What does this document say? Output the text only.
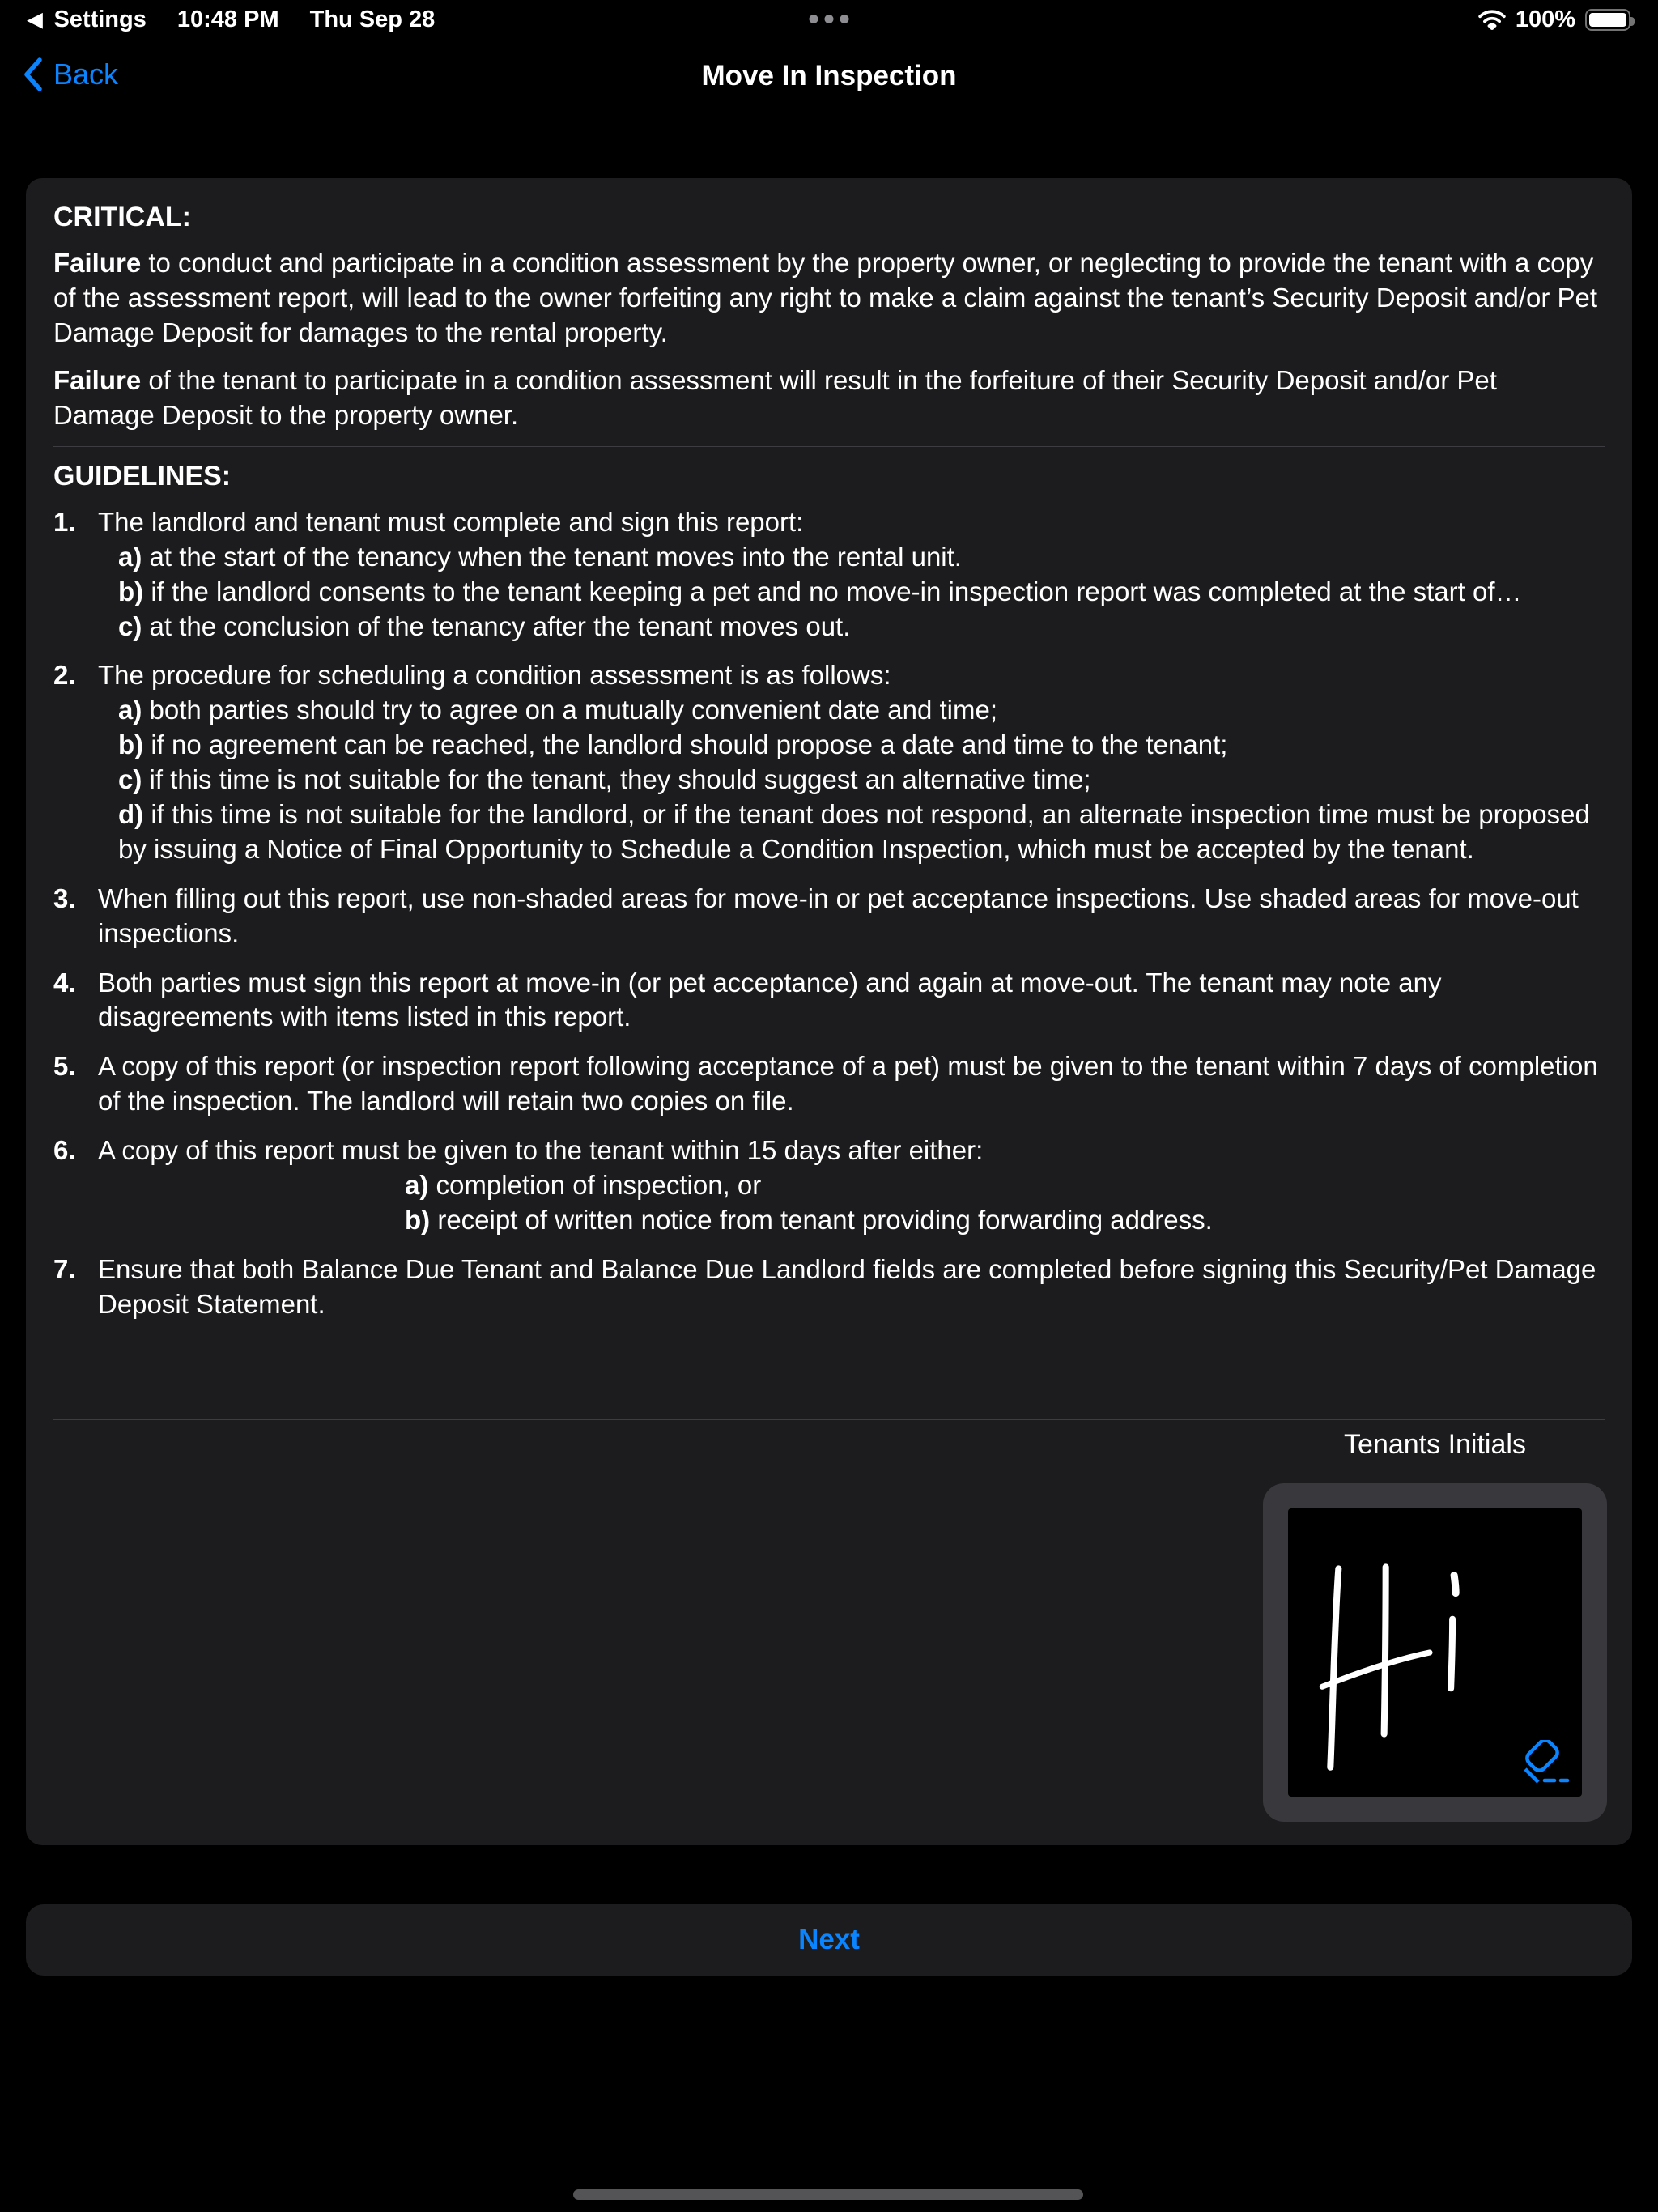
◀ Settings 10:48 PM Thu Sep 28	100%
Back	Move In Inspection
CRITICAL:

Failure to conduct and participate in a condition assessment by the property owner, or neglecting to provide the tenant with a copy of the assessment report, will lead to the owner forfeiting any right to make a claim against the tenant’s Security Deposit and/or Pet Damage Deposit for damages to the rental property.

Failure of the tenant to participate in a condition assessment will result in the forfeiture of their Security Deposit and/or Pet Damage Deposit to the property owner.

GUIDELINES:
1. The landlord and tenant must complete and sign this report:
a) at the start of the tenancy when the tenant moves into the rental unit.
b) if the landlord consents to the tenant keeping a pet and no move-in inspection report was completed at the start of…
c) at the conclusion of the tenancy after the tenant moves out.
2. The procedure for scheduling a condition assessment is as follows:
a) both parties should try to agree on a mutually convenient date and time;
b) if no agreement can be reached, the landlord should propose a date and time to the tenant;
c) if this time is not suitable for the tenant, they should suggest an alternative time;
d) if this time is not suitable for the landlord, or if the tenant does not respond, an alternate inspection time must be proposed by issuing a Notice of Final Opportunity to Schedule a Condition Inspection, which must be accepted by the tenant.
3. When filling out this report, use non-shaded areas for move-in or pet acceptance inspections. Use shaded areas for move-out inspections.
4. Both parties must sign this report at move-in (or pet acceptance) and again at move-out. The tenant may note any disagreements with items listed in this report.
5. A copy of this report (or inspection report following acceptance of a pet) must be given to the tenant within 7 days of completion of the inspection. The landlord will retain two copies on file.
6. A copy of this report must be given to the tenant within 15 days after either:
a) completion of inspection, or
b) receipt of written notice from tenant providing forwarding address.
7. Ensure that both Balance Due Tenant and Balance Due Landlord fields are completed before signing this Security/Pet Damage Deposit Statement.
Tenants Initials
Next
